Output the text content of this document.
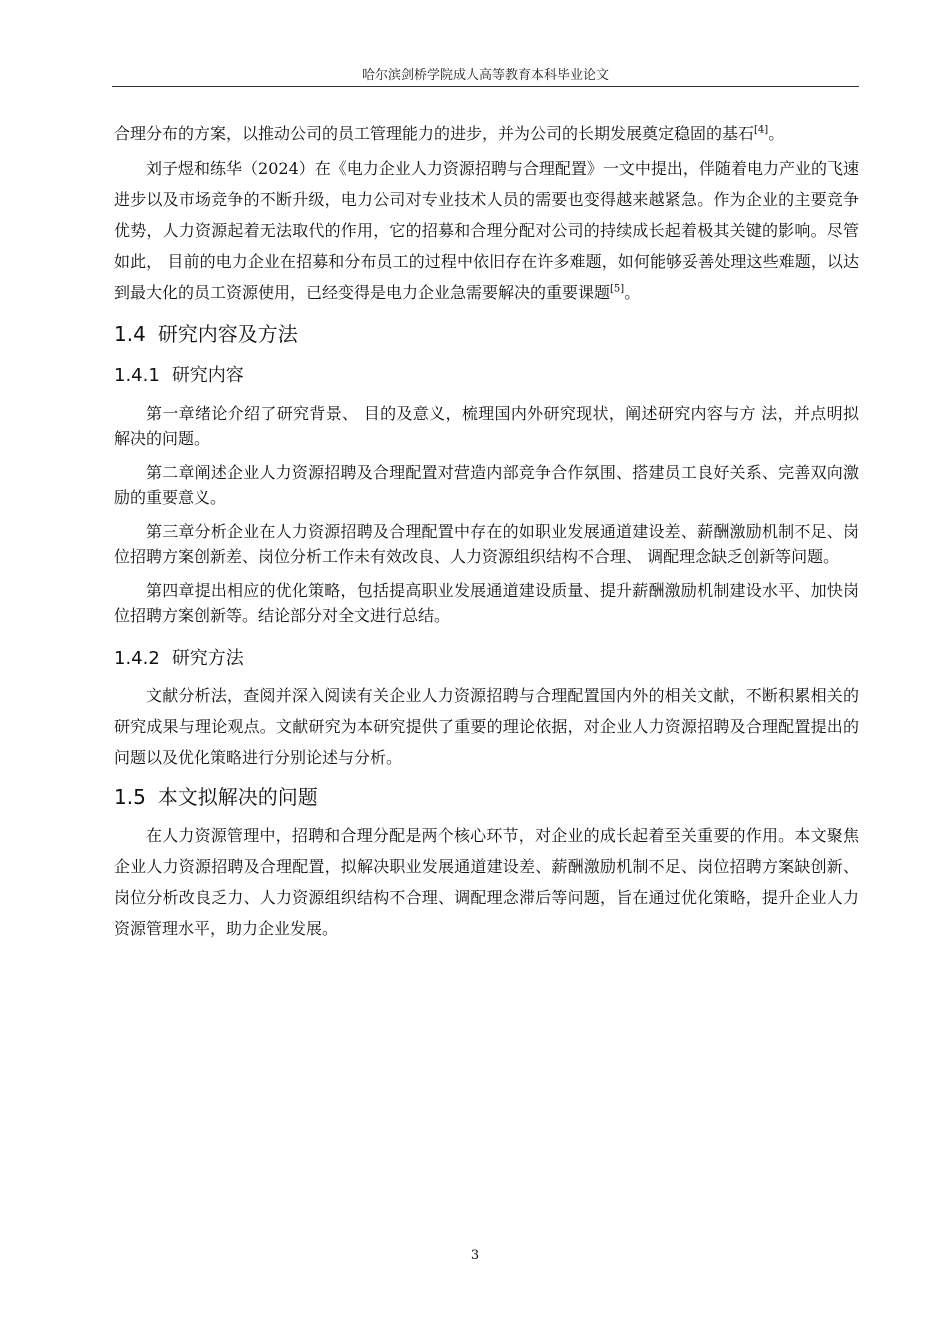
哈尔滨剑桥学院成人高等教育本科毕业论文

合理分布的方案，以推动公司的员工管理能力的进步，并为公司的长期发展奠定稳固的基石[4]。

刘子煜和练华（2024）在《电力企业人力资源招聘与合理配置》一文中提出，伴随着电力产业的飞速进步以及市场竞争的不断升级，电力公司对专业技术人员的需要也变得越来越紧急。作为企业的主要竞争优势，人力资源起着无法取代的作用，它的招募和合理分配对公司的持续成长起着极其关键的影响。尽管如此， 目前的电力企业在招募和分布员工的过程中依旧存在许多难题，如何能够妥善处理这些难题，以达到最大化的员工资源使用，已经变得是电力企业急需要解决的重要课题[5]。

1.4 研究内容及方法
1.4.1 研究内容

第一章绪论介绍了研究背景、 目的及意义，梳理国内外研究现状，阐述研究内容与方 法，并点明拟解决的问题。

第二章阐述企业人力资源招聘及合理配置对营造内部竞争合作氛围、搭建员工良好关系、完善双向激励的重要意义。

第三章分析企业在人力资源招聘及合理配置中存在的如职业发展通道建设差、薪酬激励机制不足、岗位招聘方案创新差、岗位分析工作未有效改良、人力资源组织结构不合理、 调配理念缺乏创新等问题。

第四章提出相应的优化策略，包括提高职业发展通道建设质量、提升薪酬激励机制建设水平、加快岗位招聘方案创新等。结论部分对全文进行总结。

1.4.2 研究方法

文献分析法，查阅并深入阅读有关企业人力资源招聘与合理配置国内外的相关文献，不断积累相关的研究成果与理论观点。文献研究为本研究提供了重要的理论依据，对企业人力资源招聘及合理配置提出的问题以及优化策略进行分别论述与分析。

1.5 本文拟解决的问题

在人力资源管理中，招聘和合理分配是两个核心环节，对企业的成长起着至关重要的作用。本文聚焦企业人力资源招聘及合理配置，拟解决职业发展通道建设差、薪酬激励机制不足、岗位招聘方案缺创新、岗位分析改良乏力、人力资源组织结构不合理、调配理念滞后等问题，旨在通过优化策略，提升企业人力资源管理水平，助力企业发展。

3
